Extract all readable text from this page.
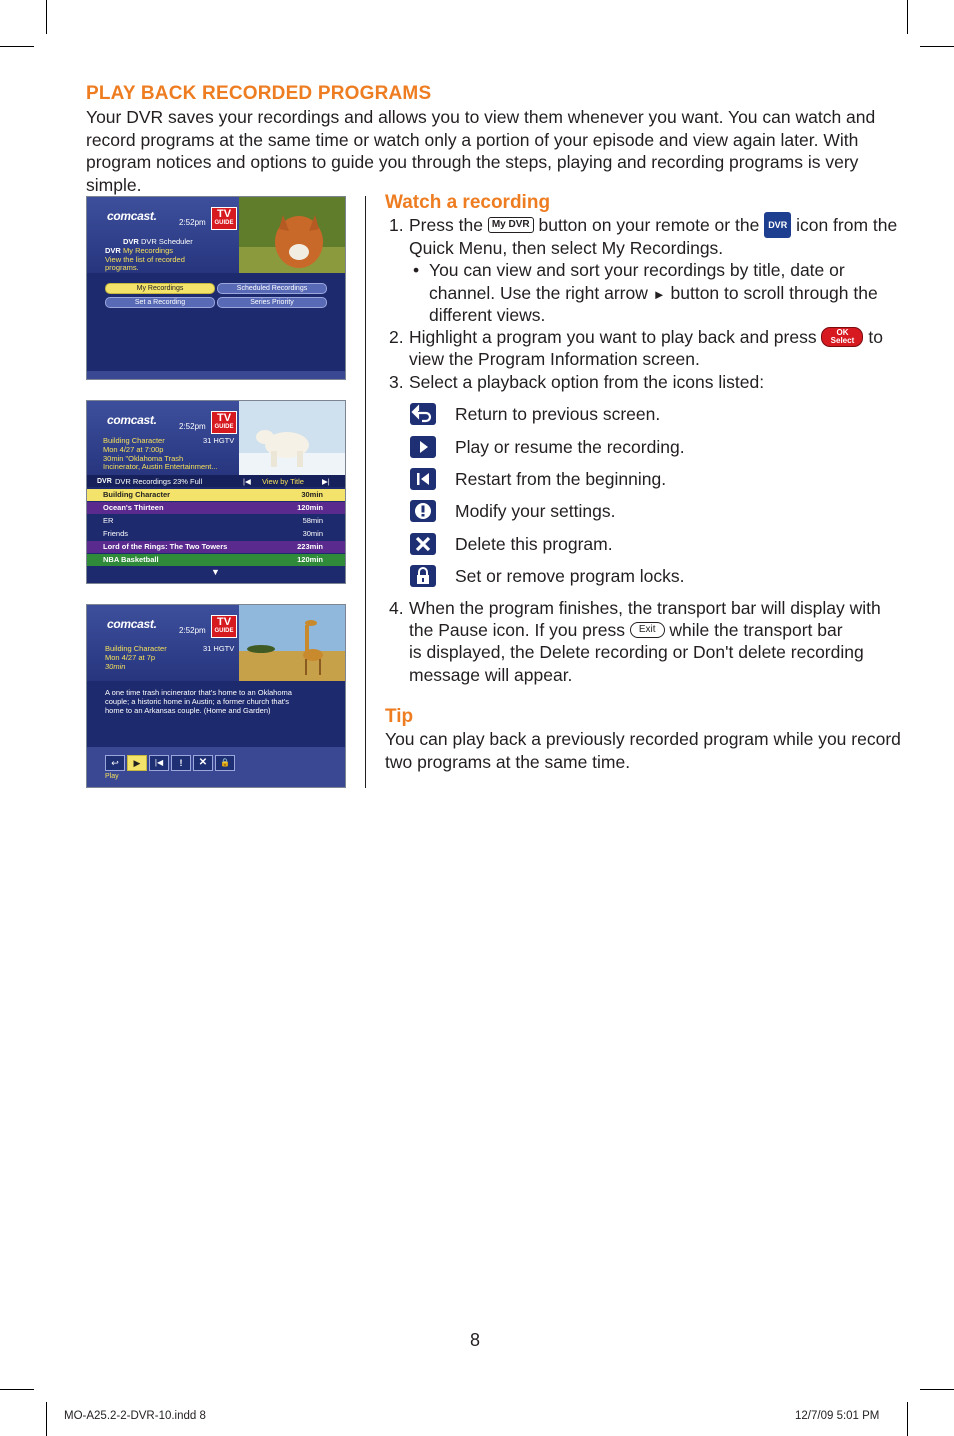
PLAY BACK RECORDED PROGRAMS
Your DVR saves your recordings and allows you to view them whenever you want. You can watch and record programs at the same time or watch only a portion of your episode and view again later. With program notices and options to guide you through the steps, playing and recording programs is very simple.
comcast.	2:52pm
TV
GUIDE
DVR DVR Scheduler
DVR My Recordings
View the list of recorded
programs.
My Recordings	Scheduled Recordings
Set a Recording	Series Priority
comcast.	2:52pm
TV
GUIDE
Building Character	31 HGTV
Mon 4/27 at 7:00p
30min "Oklahoma Trash
Incinerator, Austin Entertainment...
DVR DVR Recordings 23% Full	|◀ View by Title ▶|
Building Character	30min
Ocean's Thirteen	120min
ER	58min
Friends	30min
Lord of the Rings: The Two Towers	223min
NBA Basketball	120min
▼
comcast.	2:52pm
TV
GUIDE
Building Character	31 HGTV
Mon 4/27 at 7p
30min
A one time trash incinerator that's home to an Oklahoma
couple; a historic home in Austin; a former church that's
home to an Arkansas couple. (Home and Garden)
↩	▶	|◀	!	✕	🔒
Play
Watch a recording
1. Press the My DVR button on your remote or the DVR icon from the
Quick Menu, then select My Recordings.
• You can view and sort your recordings by title, date or
channel. Use the right arrow ► button to scroll through the
different views.
2. Highlight a program you want to play back and press	OK
Select to
view the Program Information screen.
3. Select a playback option from the icons listed:
Return to previous screen.
Play or resume the recording.
Restart from the beginning.
Modify your settings.
Delete this program.
Set or remove program locks.
4. When the program finishes, the transport bar will display with
the Pause icon. If you press Exit while the transport bar
is displayed, the Delete recording or Don't delete recording
message will appear.
Tip
You can play back a previously recorded program while you record
two programs at the same time.
8
MO-A25.2-2-DVR-10.indd 8	12/7/09 5:01 PM
